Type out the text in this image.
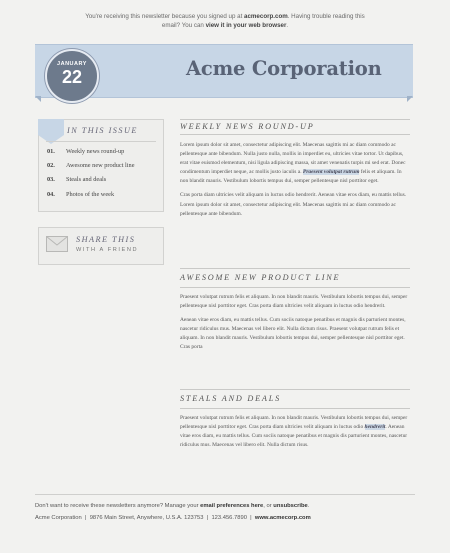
You're receiving this newsletter because you signed up at acmecorp.com. Having trouble reading this
email? You can view it in your web browser.
JANUARY
22	Acme Corporation
IN THIS ISSUE
01. Weekly news round-up
02. Awesome new product line
03. Steals and deals
04. Photos of the week
SHARE THIS
WITH A FRIEND
WEEKLY NEWS ROUND-UP

Lorem ipsum dolor sit amet, consectetur adipiscing elit. Maecenas sagittis mi ac diam commodo ac pellentesque ante bibendum. Nulla justo nulla, mollis in imperdiet eu, ultricies vitae tortor. Ut dapibus, erat vitae euismod elementum, nisi ligula adipiscing massa, sit amet venenatis turpis mi sed erat. Donec condimentum imperdiet neque, ac mollis justo iaculis a. Praesent volutpat rutrum felis et aliquam. In non blandit mauris. Vestibulum lobortis tempus dui, semper pellentesque nisl porttitor eget.

Cras porta diam ultricies velit aliquam in luctus odio hendrerit. Aenean vitae eros diam, eu mattis tellus. Lorem ipsum dolor sit amet, consectetur adipiscing elit. Maecenas sagittis mi ac diam commodo ac pellentesque ante bibendum.

AWESOME NEW PRODUCT LINE

Praesent volutpat rutrum felis et aliquam. In non blandit mauris. Vestibulum lobortis tempus dui, semper pellentesque nisl porttitor eget. Cras porta diam ultricies velit aliquam in luctus odio hendrerit.

Aenean vitae eros diam, eu mattis tellus. Cum sociis natoque penatibus et magnis dis parturient montes, nascetur ridiculus mus. Maecenas vel libero elit. Nulla dictum risus. Praesent volutpat rutrum felis et aliquam. In non blandit mauris. Vestibulum lobortis tempus dui, semper pellentesque nisl porttitor eget. Cras porta

STEALS AND DEALS

Praesent volutpat rutrum felis et aliquam. In non blandit mauris. Vestibulum lobortis tempus dui, semper pellentesque nisl porttitor eget. Cras porta diam ultricies velit aliquam in luctus odio hendrerit. Aenean vitae eros diam, eu mattis tellus. Cum sociis natoque penatibus et magnis dis parturient montes, nascetur ridiculus mus. Maecenas vel libero elit. Nulla dictum risus.

Don't want to receive these newsletters anymore? Manage your email preferences here, or unsubscribe.
Acme Corporation | 9876 Main Street, Anywhere, U.S.A. 123753 | 123.456.7890 | www.acmecorp.com
